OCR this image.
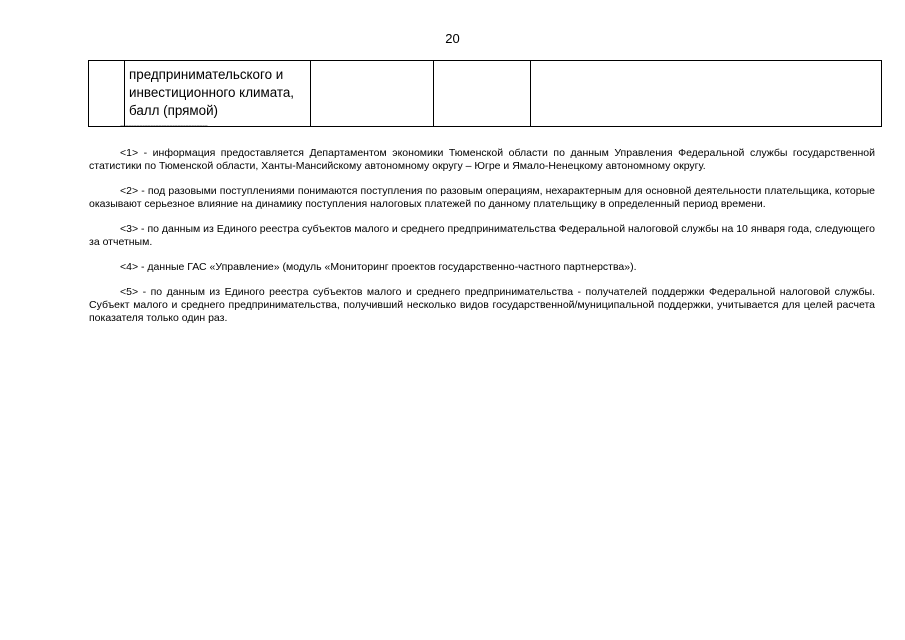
20

предпринимательского и
инвестиционного климата,
балл (прямой)

--------------------------------

<1> - информация предоставляется Департаментом экономики Тюменской области по данным Управления Федеральной службы государственной статистики по Тюменской области, Ханты-Мансийскому автономному округу – Югре и Ямало-Ненецкому автономному округу.

<2> - под разовыми поступлениями понимаются поступления по разовым операциям, нехарактерным для основной деятельности плательщика, которые оказывают серьезное влияние на динамику поступления налоговых платежей по данному плательщику в определенный период времени.

<3> - по данным из Единого реестра субъектов малого и среднего предпринимательства Федеральной налоговой службы на 10 января года, следующего за отчетным.

<4> - данные ГАС «Управление» (модуль «Мониторинг проектов государственно-частного партнерства»).

<5> - по данным из Единого реестра субъектов малого и среднего предпринимательства - получателей поддержки Федеральной налоговой службы. Субъект малого и среднего предпринимательства, получивший несколько видов государственной/муниципальной поддержки, учитывается для целей расчета показателя только один раз.
